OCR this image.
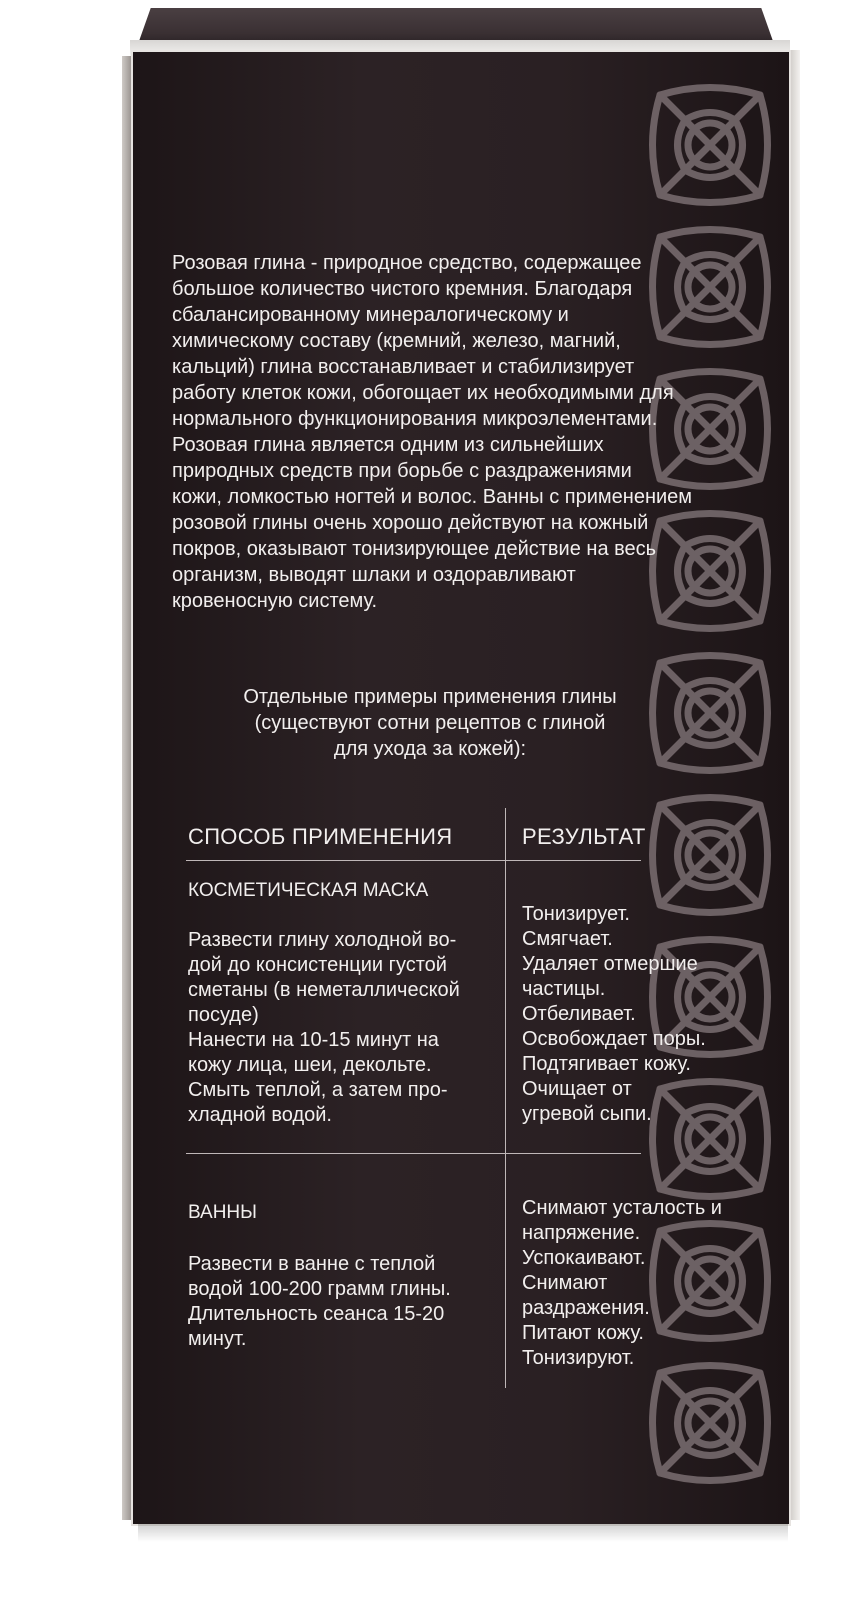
Розовая глина - природное средство, содержащее
большое количество чистого кремния. Благодаря
сбалансированному минералогическому и
химическому составу (кремний, железо, магний,
кальций) глина восстанавливает и стабилизирует
работу клеток кожи, обогощает их необходимыми для
нормального функционирования микроэлементами.
Розовая глина является одним из сильнейших
природных средств при борьбе с раздражениями
кожи, ломкостью ногтей и волос. Ванны с применением
розовой глины очень хорошо действуют на кожный
покров, оказывают тонизирующее действие на весь
организм, выводят шлаки и оздоравливают
кровеносную систему.
Отдельные примеры применения глины
(существуют сотни рецептов с глиной
для ухода за кожей):
СПОСОБ ПРИМЕНЕНИЯ	РЕЗУЛЬТАТ
КОСМЕТИЧЕСКАЯ МАСКА
Развести глину холодной во-
дой до консистенции густой
сметаны (в неметаллической
посуде)
Нанести на 10-15 минут на
кожу лица, шеи, декольте.
Смыть теплой, а затем про-
хладной водой.
Тонизирует.
Смягчает.
Удаляет отмершие
частицы.
Отбеливает.
Освобождает поры.
Подтягивает кожу.
Очищает от
угревой сыпи.
ВАННЫ
Развести в ванне с теплой
водой 100-200 грамм глины.
Длительность сеанса 15-20
минут.
Снимают усталость и
напряжение.
Успокаивают.
Снимают
раздражения.
Питают кожу.
Тонизируют.
